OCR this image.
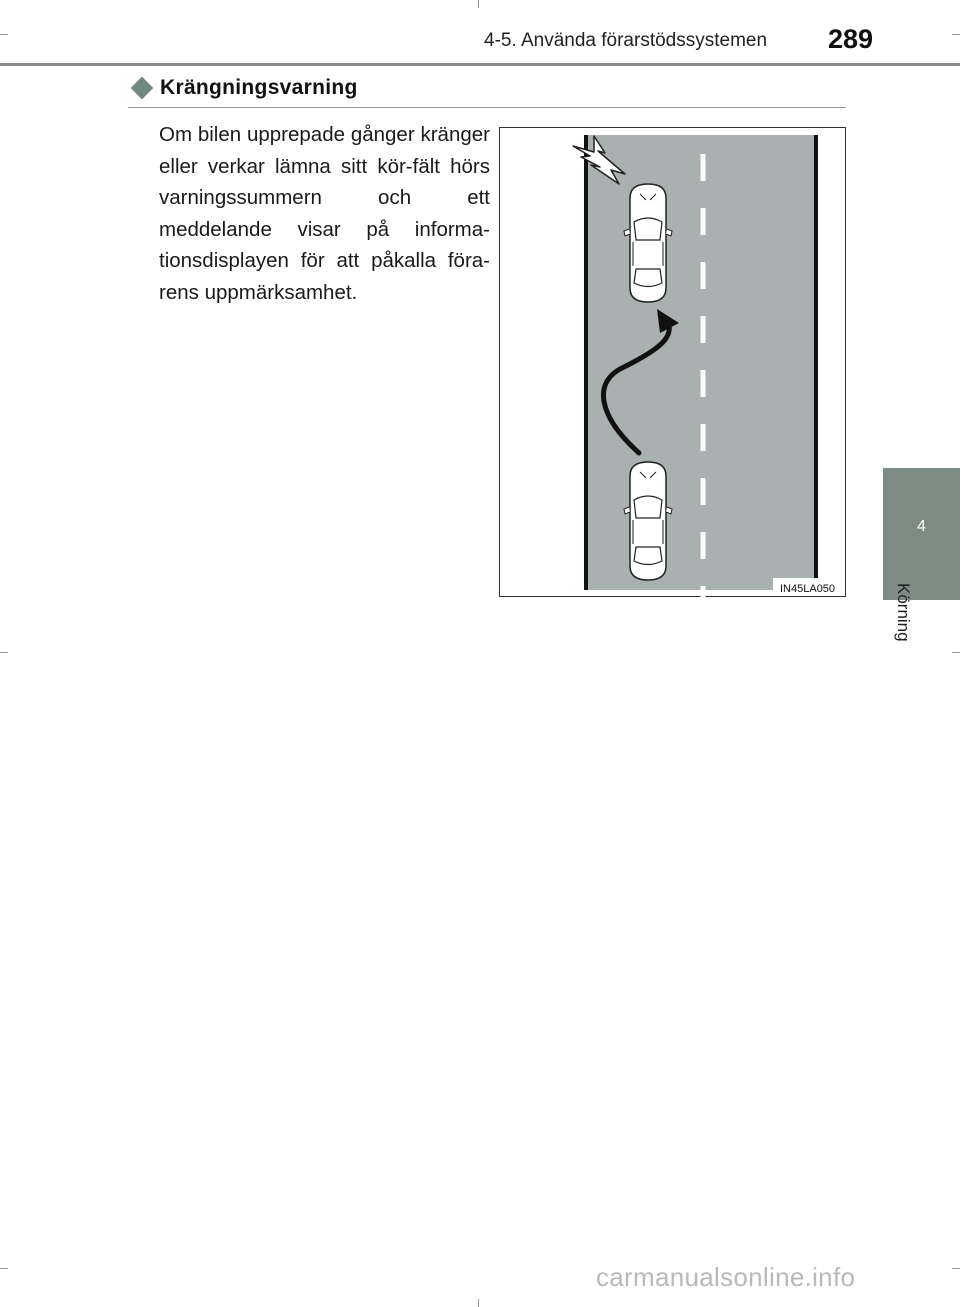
4-5. Använda förarstödssystemen 289
4
Körning
Krängningsvarning
Om bilen upprepade gånger kränger eller verkar lämna sitt kör-fält hörs varningssummern och ett meddelande visar på informa-tionsdisplayen för att påkalla föra-rens uppmärksamhet.
IN45LA050
carmanualsonline.info
